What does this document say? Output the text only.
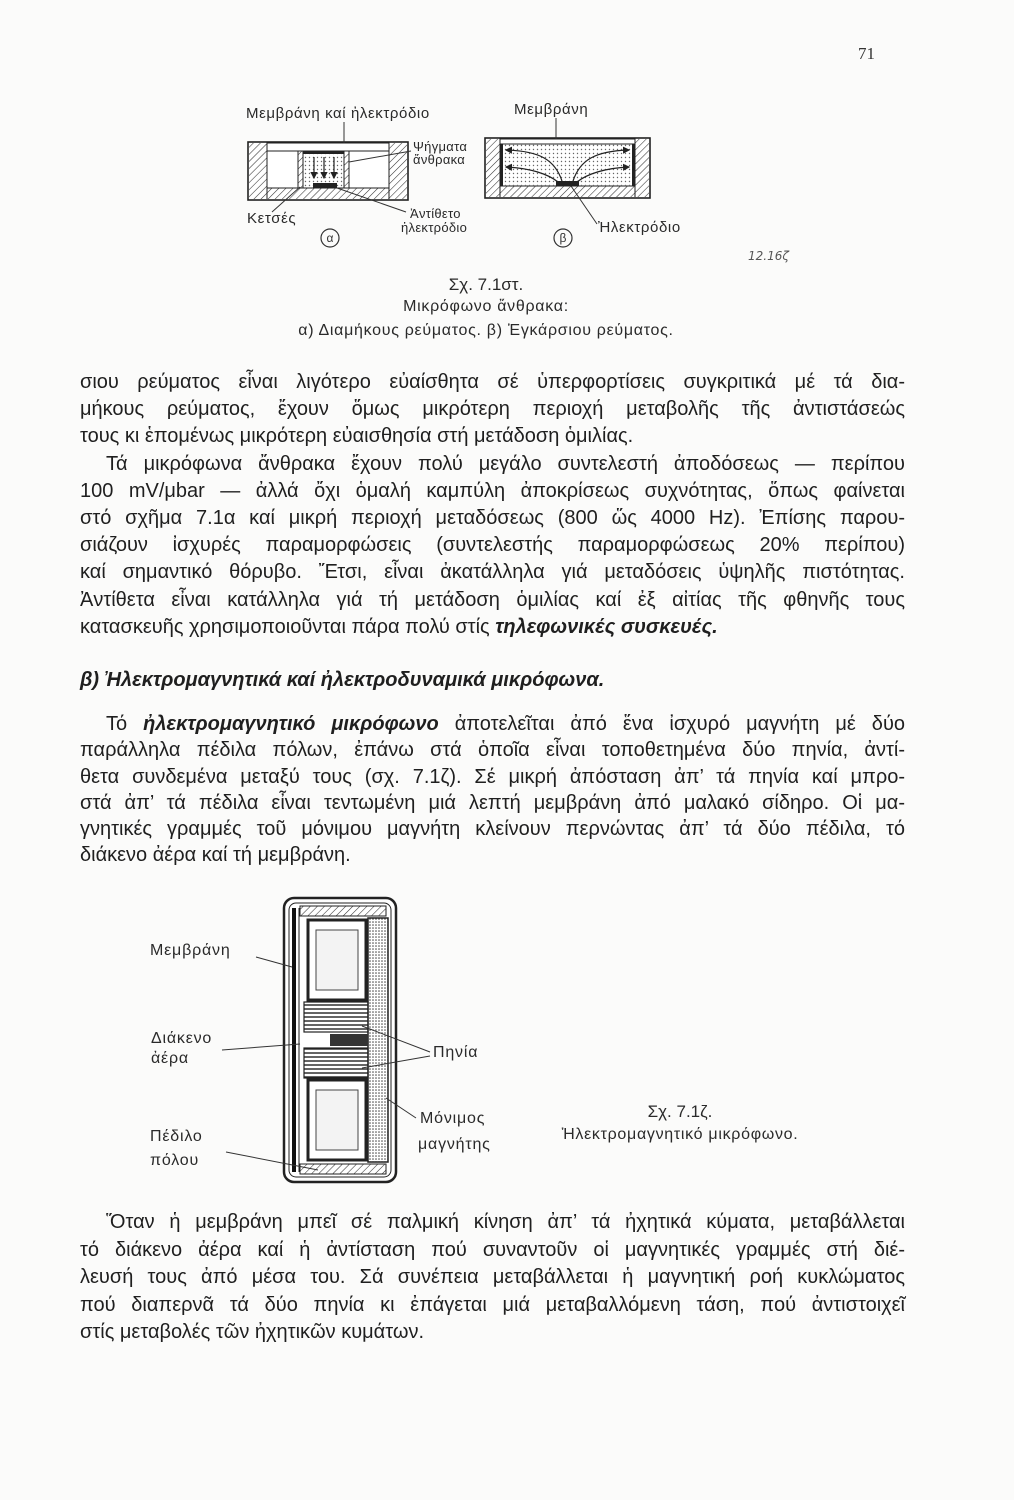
71
Μεμβράνη καί ἠλεκτρόδιο	Μεμβράνη
Ψήγματα
ἄνθρακα
Κετσές	Ἀντίθετο
ἠλεκτρόδιο	Ἠλεκτρόδιο
α	β
12.16ζ
Σχ. 7.1στ.
Μικρόφωνο ἄνθρακα:
α) Διαμήκους ρεύματος. β) Ἐγκάρσιου ρεύματος.
σιου ρεύματος εἶναι λιγότερο εὐαίσθητα σέ ὑπερφορτίσεις συγκριτικά μέ τά δια-
μήκους ρεύματος, ἔχουν ὅμως μικρότερη περιοχή μεταβολῆς τῆς ἀντιστάσεώς
τους κι ἑπομένως μικρότερη εὐαισθησία στή μετάδοση ὁμιλίας.
Τά μικρόφωνα ἄνθρακα ἔχουν πολύ μεγάλο συντελεστή ἀποδόσεως — περίπου
100 mV/μbar — ἀλλά ὄχι ὁμαλή καμπύλη ἀποκρίσεως συχνότητας, ὅπως φαίνεται
στό σχῆμα 7.1α καί μικρή περιοχή μεταδόσεως (800 ὥς 4000 Hz). Ἐπίσης παρου-
σιάζουν ἰσχυρές παραμορφώσεις (συντελεστής παραμορφώσεως 20% περίπου)
καί σημαντικό θόρυβο. Ἔτσι, εἶναι ἀκατάλληλα γιά μεταδόσεις ὑψηλῆς πιστότητας.
Ἀντίθετα εἶναι κατάλληλα γιά τή μετάδοση ὁμιλίας καί ἐξ αἰτίας τῆς φθηνῆς τους
κατασκευῆς χρησιμοποιοῦνται πάρα πολύ στίς τηλεφωνικές συσκευές.
β) Ἠλεκτρομαγνητικά καί ἠλεκτροδυναμικά μικρόφωνα.
Τό ἠλεκτρομαγνητικό μικρόφωνο ἀποτελεῖται ἀπό ἕνα ἰσχυρό μαγνήτη μέ δύο
παράλληλα πέδιλα πόλων, ἐπάνω στά ὁποῖα εἶναι τοποθετημένα δύο πηνία, ἀντί-
θετα συνδεμένα μεταξύ τους (σχ. 7.1ζ). Σέ μικρή ἀπόσταση ἀπ’ τά πηνία καί μπρο-
στά ἀπ’ τά πέδιλα εἶναι τεντωμένη μιά λεπτή μεμβράνη ἀπό μαλακό σίδηρο. Οἱ μα-
γνητικές γραμμές τοῦ μόνιμου μαγνήτη κλείνουν περνώντας ἀπ’ τά δύο πέδιλα, τό
διάκενο ἀέρα καί τή μεμβράνη.
Μεμβράνη
Διάκενο
ἀέρα	Πηνία
Πέδιλο
πόλου
Μόνιμος
μαγνήτης
Σχ. 7.1ζ.
Ἠλεκτρομαγνητικό μικρόφωνο.
Ὅταν ἡ μεμβράνη μπεῖ σέ παλμική κίνηση ἀπ’ τά ἠχητικά κύματα, μεταβάλλεται
τό διάκενο ἀέρα καί ἡ ἀντίσταση πού συναντοῦν οἱ μαγνητικές γραμμές στή διέ-
λευσή τους ἀπό μέσα του. Σά συνέπεια μεταβάλλεται ἡ μαγνητική ροή κυκλώματος
πού διαπερνᾶ τά δύο πηνία κι ἐπάγεται μιά μεταβαλλόμενη τάση, πού ἀντιστοιχεῖ
στίς μεταβολές τῶν ἠχητικῶν κυμάτων.
